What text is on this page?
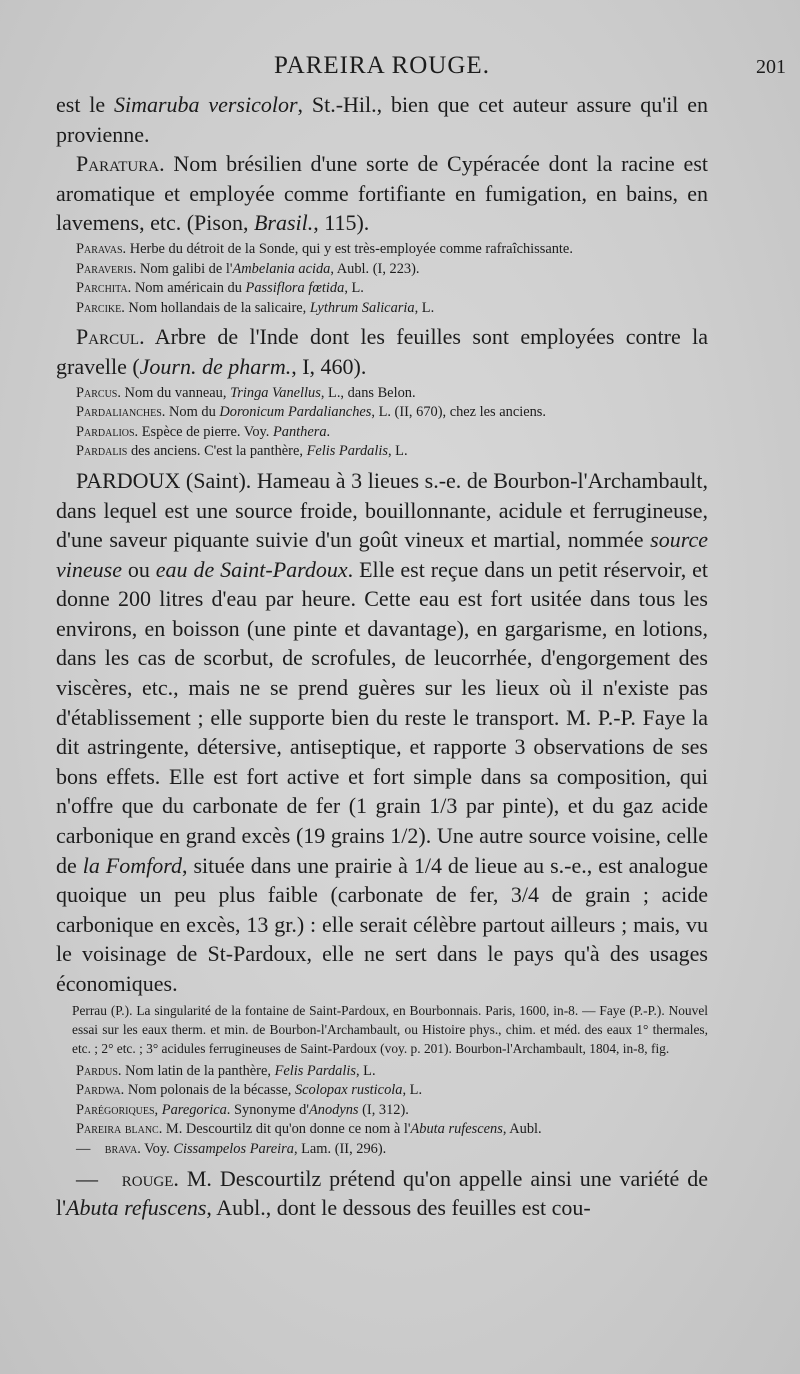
PAREIRA ROUGE.	201

est le Simaruba versicolor, St.-Hil., bien que cet auteur assure qu'il en provienne.

Paratura. Nom brésilien d'une sorte de Cypéracée dont la racine est aromatique et employée comme fortifiante en fumigation, en bains, en lavemens, etc. (Pison, Brasil., 115).

Paravas. Herbe du détroit de la Sonde, qui y est très-employée comme rafraîchissante.

Paraveris. Nom galibi de l'Ambelania acida, Aubl. (I, 223).

Parchita. Nom américain du Passiflora fœtida, L.

Parcike. Nom hollandais de la salicaire, Lythrum Salicaria, L.

Parcul. Arbre de l'Inde dont les feuilles sont employées contre la gravelle (Journ. de pharm., I, 460).

Parcus. Nom du vanneau, Tringa Vanellus, L., dans Belon.

Pardalianches. Nom du Doronicum Pardalianches, L. (II, 670), chez les anciens.

Pardalios. Espèce de pierre. Voy. Panthera.

Pardalis des anciens. C'est la panthère, Felis Pardalis, L.

PARDOUX (Saint). Hameau à 3 lieues s.-e. de Bourbon-l'Archambault, dans lequel est une source froide, bouillonnante, acidule et ferrugineuse, d'une saveur piquante suivie d'un goût vineux et martial, nommée source vineuse ou eau de Saint-Pardoux. Elle est reçue dans un petit réservoir, et donne 200 litres d'eau par heure. Cette eau est fort usitée dans tous les environs, en boisson (une pinte et davantage), en gargarisme, en lotions, dans les cas de scorbut, de scrofules, de leucorrhée, d'engorgement des viscères, etc., mais ne se prend guères sur les lieux où il n'existe pas d'établissement ; elle supporte bien du reste le transport. M. P.-P. Faye la dit astringente, détersive, antiseptique, et rapporte 3 observations de ses bons effets. Elle est fort active et fort simple dans sa composition, qui n'offre que du carbonate de fer (1 grain 1/3 par pinte), et du gaz acide carbonique en grand excès (19 grains 1/2). Une autre source voisine, celle de la Fomford, située dans une prairie à 1/4 de lieue au s.-e., est analogue quoique un peu plus faible (carbonate de fer, 3/4 de grain ; acide carbonique en excès, 13 gr.) : elle serait célèbre partout ailleurs ; mais, vu le voisinage de St-Pardoux, elle ne sert dans le pays qu'à des usages économiques.

Perrau (P.). La singularité de la fontaine de Saint-Pardoux, en Bourbonnais. Paris, 1600, in-8. — Faye (P.-P.). Nouvel essai sur les eaux therm. et min. de Bourbon-l'Archambault, ou Histoire phys., chim. et méd. des eaux 1° thermales, etc. ; 2° etc. ; 3° acidules ferrugineuses de Saint-Pardoux (voy. p. 201). Bourbon-l'Archambault, 1804, in-8, fig.

Pardus. Nom latin de la panthère, Felis Pardalis, L.

Pardwa. Nom polonais de la bécasse, Scolopax rusticola, L.

Parégoriques, Paregorica. Synonyme d'Anodyns (I, 312).

Pareira blanc. M. Descourtilz dit qu'on donne ce nom à l'Abuta rufescens, Aubl.

— brava. Voy. Cissampelos Pareira, Lam. (II, 296).

— rouge. M. Descourtilz prétend qu'on appelle ainsi une variété de l'Abuta refuscens, Aubl., dont le dessous des feuilles est cou-
